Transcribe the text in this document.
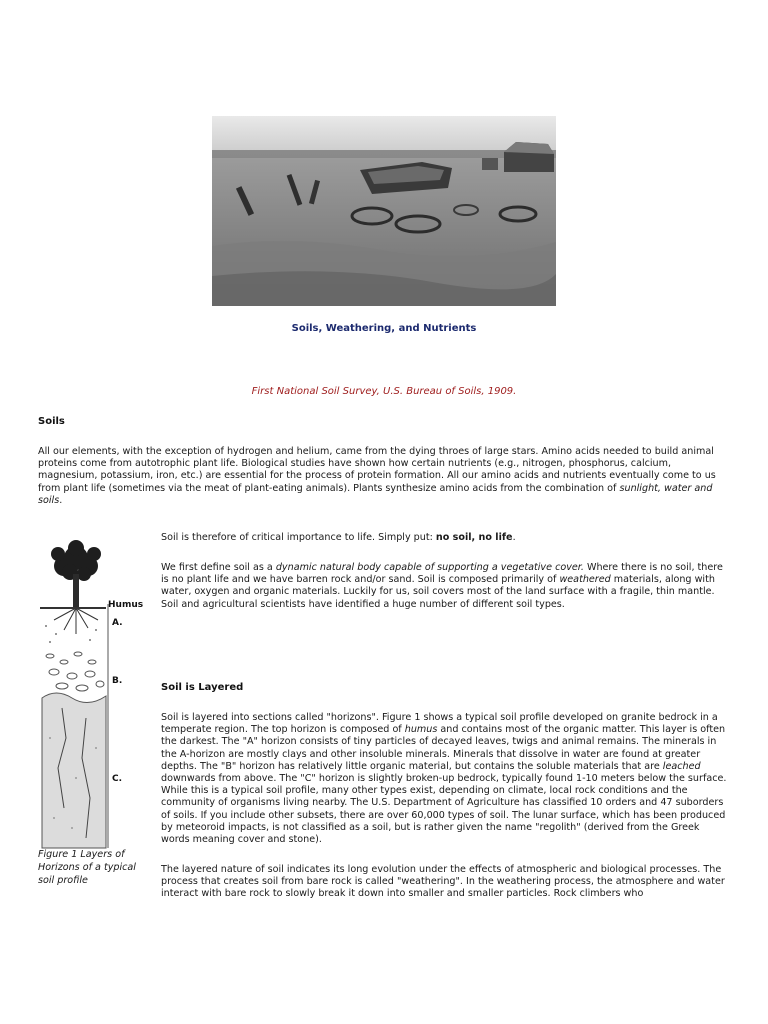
Soils, Weathering, and Nutrients
First National Soil Survey, U.S. Bureau of Soils, 1909.
Soils

All our elements, with the exception of hydrogen and helium, came from the dying throes of large stars. Amino acids needed to build animal proteins come from autotrophic plant life. Biological studies have shown how certain nutrients (e.g., nitrogen, phosphorus, calcium, magnesium, potassium, iron, etc.) are essential for the process of protein formation. All our amino acids and nutrients eventually come to us from plant life (sometimes via the meat of plant-eating animals). Plants synthesize amino acids from the combination of sunlight, water and soils.

Humus
A.
B.
C.
Figure 1 Layers of Horizons of a typical soil profile

Soil is therefore of critical importance to life. Simply put: no soil, no life.

We first define soil as a dynamic natural body capable of supporting a vegetative cover. Where there is no soil, there is no plant life and we have barren rock and/or sand. Soil is composed primarily of weathered materials, along with water, oxygen and organic materials. Luckily for us, soil covers most of the land surface with a fragile, thin mantle. Soil and agricultural scientists have identified a huge number of different soil types.

Soil is Layered

Soil is layered into sections called "horizons". Figure 1 shows a typical soil profile developed on granite bedrock in a temperate region. The top horizon is composed of humus and contains most of the organic matter. This layer is often the darkest. The "A" horizon consists of tiny particles of decayed leaves, twigs and animal remains. The minerals in the A-horizon are mostly clays and other insoluble minerals. Minerals that dissolve in water are found at greater depths. The "B" horizon has relatively little organic material, but contains the soluble materials that are leached downwards from above. The "C" horizon is slightly broken-up bedrock, typically found 1-10 meters below the surface. While this is a typical soil profile, many other types exist, depending on climate, local rock conditions and the community of organisms living nearby. The U.S. Department of Agriculture has classified 10 orders and 47 suborders of soils. If you include other subsets, there are over 60,000 types of soil. The lunar surface, which has been produced by meteoroid impacts, is not classified as a soil, but is rather given the name "regolith" (derived from the Greek words meaning cover and stone).

The layered nature of soil indicates its long evolution under the effects of atmospheric and biological processes. The process that creates soil from bare rock is called "weathering". In the weathering process, the atmosphere and water interact with bare rock to slowly break it down into smaller and smaller particles. Rock climbers who
